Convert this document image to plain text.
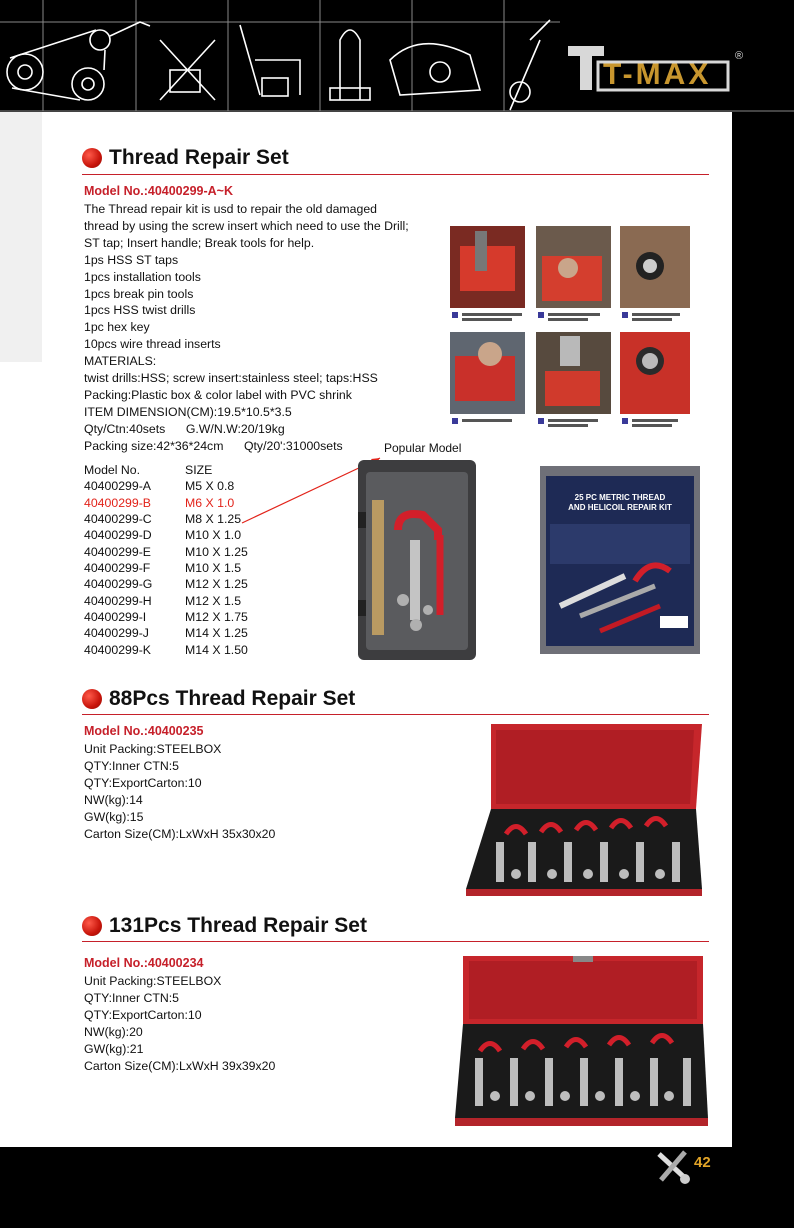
T-MAX
®
Thread Repair Set
Model No.:40400299-A~K
The Thread repair kit is usd to repair the old damaged
thread by using the screw insert which need to use the Drill;
ST tap; Insert handle; Break tools for help.
1ps HSS ST taps
1pcs installation tools
1pcs break pin tools
1pcs HSS twist drills
1pc hex key
10pcs wire thread inserts
MATERIALS:
twist drills:HSS; screw insert:stainless steel; taps:HSS
Packing:Plastic box & color label with PVC shrink
ITEM DIMENSION(CM):19.5*10.5*3.5
Qty/Ctn:40sets      G.W/N.W:20/19kg
Packing size:42*36*24cm      Qty/20':31000sets
Model No.	SIZE
40400299-A	M5 X 0.8
40400299-B	M6 X 1.0
40400299-C	M8 X 1.25
40400299-D	M10 X 1.0
40400299-E	M10 X 1.25
40400299-F	M10 X 1.5
40400299-G	M12 X 1.25
40400299-H	M12 X 1.5
40400299-I	M12 X 1.75
40400299-J	M14 X 1.25
40400299-K	M14 X 1.50
Popular Model
25 PC METRIC THREAD
AND HELICOIL REPAIR KIT
88Pcs Thread Repair Set
Model No.:40400235
Unit Packing:STEELBOX
QTY:Inner CTN:5
QTY:ExportCarton:10
NW(kg):14
GW(kg):15
Carton Size(CM):LxWxH 35x30x20
131Pcs Thread Repair Set
Model No.:40400234
Unit Packing:STEELBOX
QTY:Inner CTN:5
QTY:ExportCarton:10
NW(kg):20
GW(kg):21
Carton Size(CM):LxWxH 39x39x20
42
